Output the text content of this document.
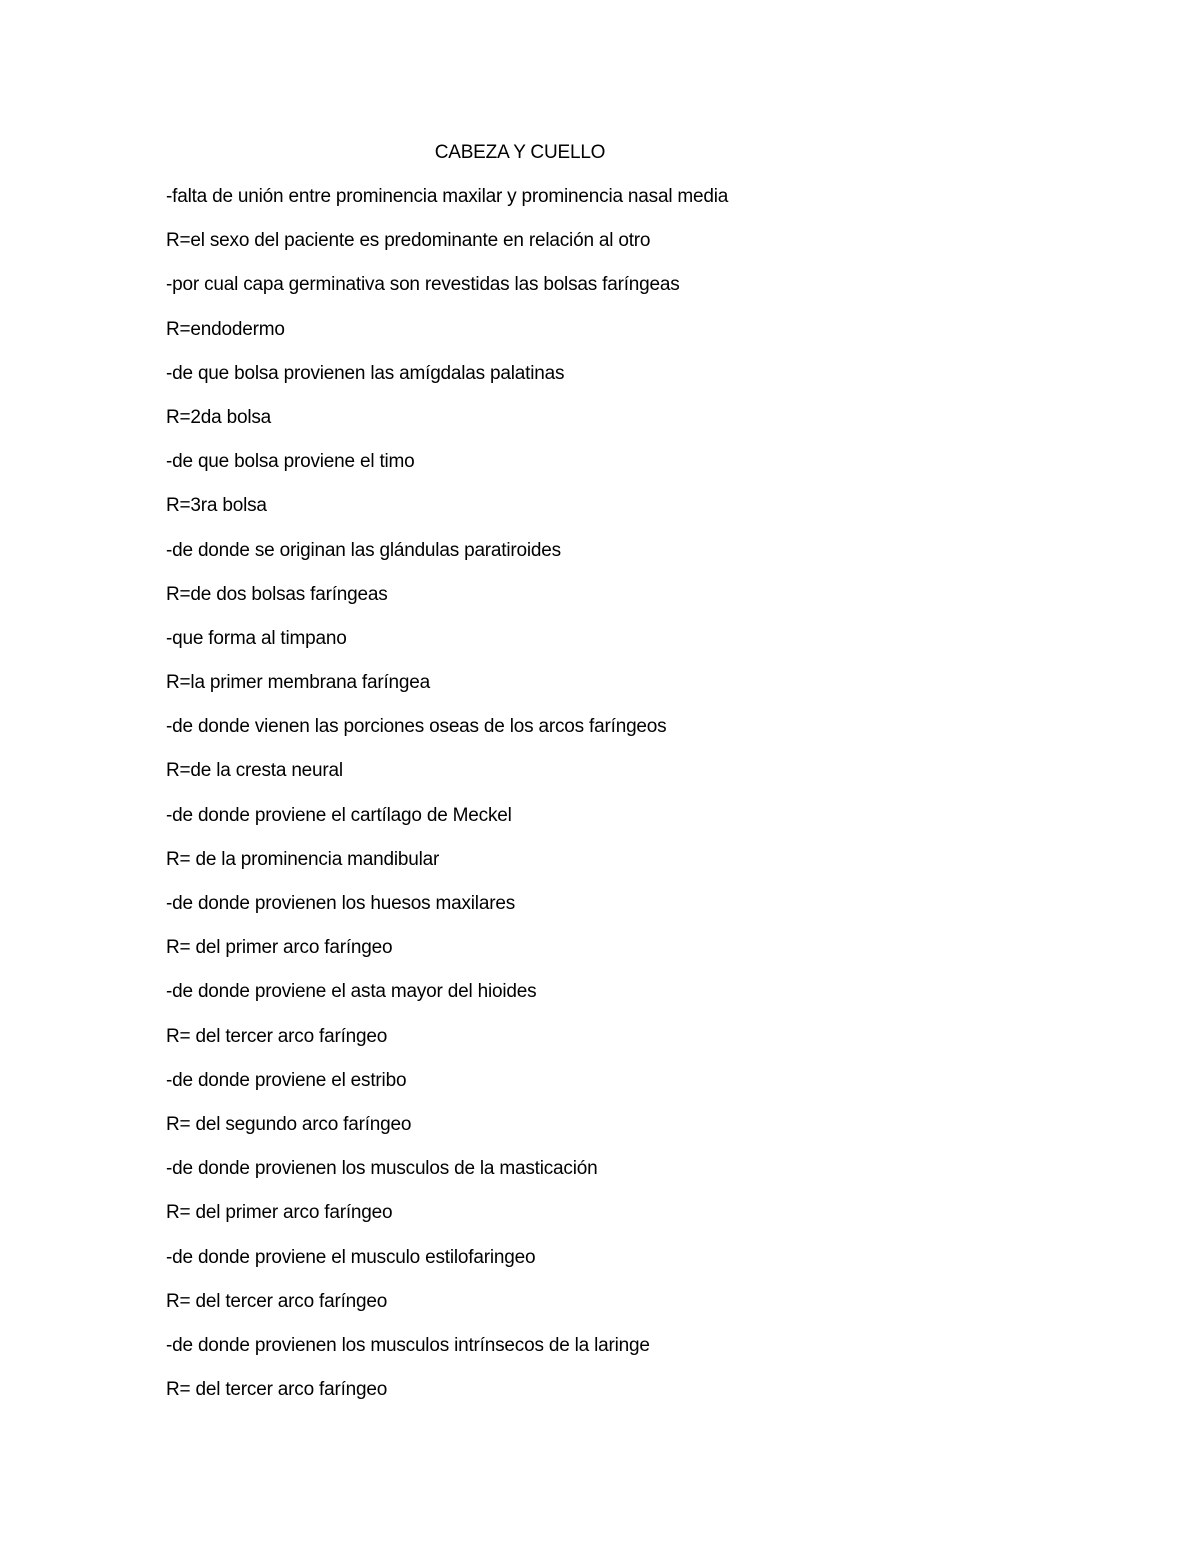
CABEZA Y CUELLO
-falta de unión entre prominencia maxilar y prominencia nasal media
R=el sexo del paciente es predominante en relación al otro
-por cual capa germinativa son revestidas las bolsas faríngeas
R=endodermo
-de que bolsa provienen las amígdalas palatinas
R=2da bolsa
-de que bolsa proviene el timo
R=3ra bolsa
-de donde se originan las glándulas paratiroides
R=de dos bolsas faríngeas
-que forma al timpano
R=la primer membrana faríngea
-de donde vienen las porciones oseas de los arcos faríngeos
R=de la cresta neural
-de donde proviene el cartílago de Meckel
R= de la prominencia mandibular
-de donde provienen los huesos maxilares
R= del primer arco faríngeo
-de donde proviene el asta mayor del hioides
R= del tercer arco faríngeo
-de donde proviene el estribo
R= del segundo arco faríngeo
-de donde provienen los musculos de la masticación
R= del primer arco faríngeo
-de donde proviene el musculo estilofaringeo
R= del tercer arco faríngeo
-de donde provienen los musculos intrínsecos de la laringe
R= del tercer arco faríngeo
